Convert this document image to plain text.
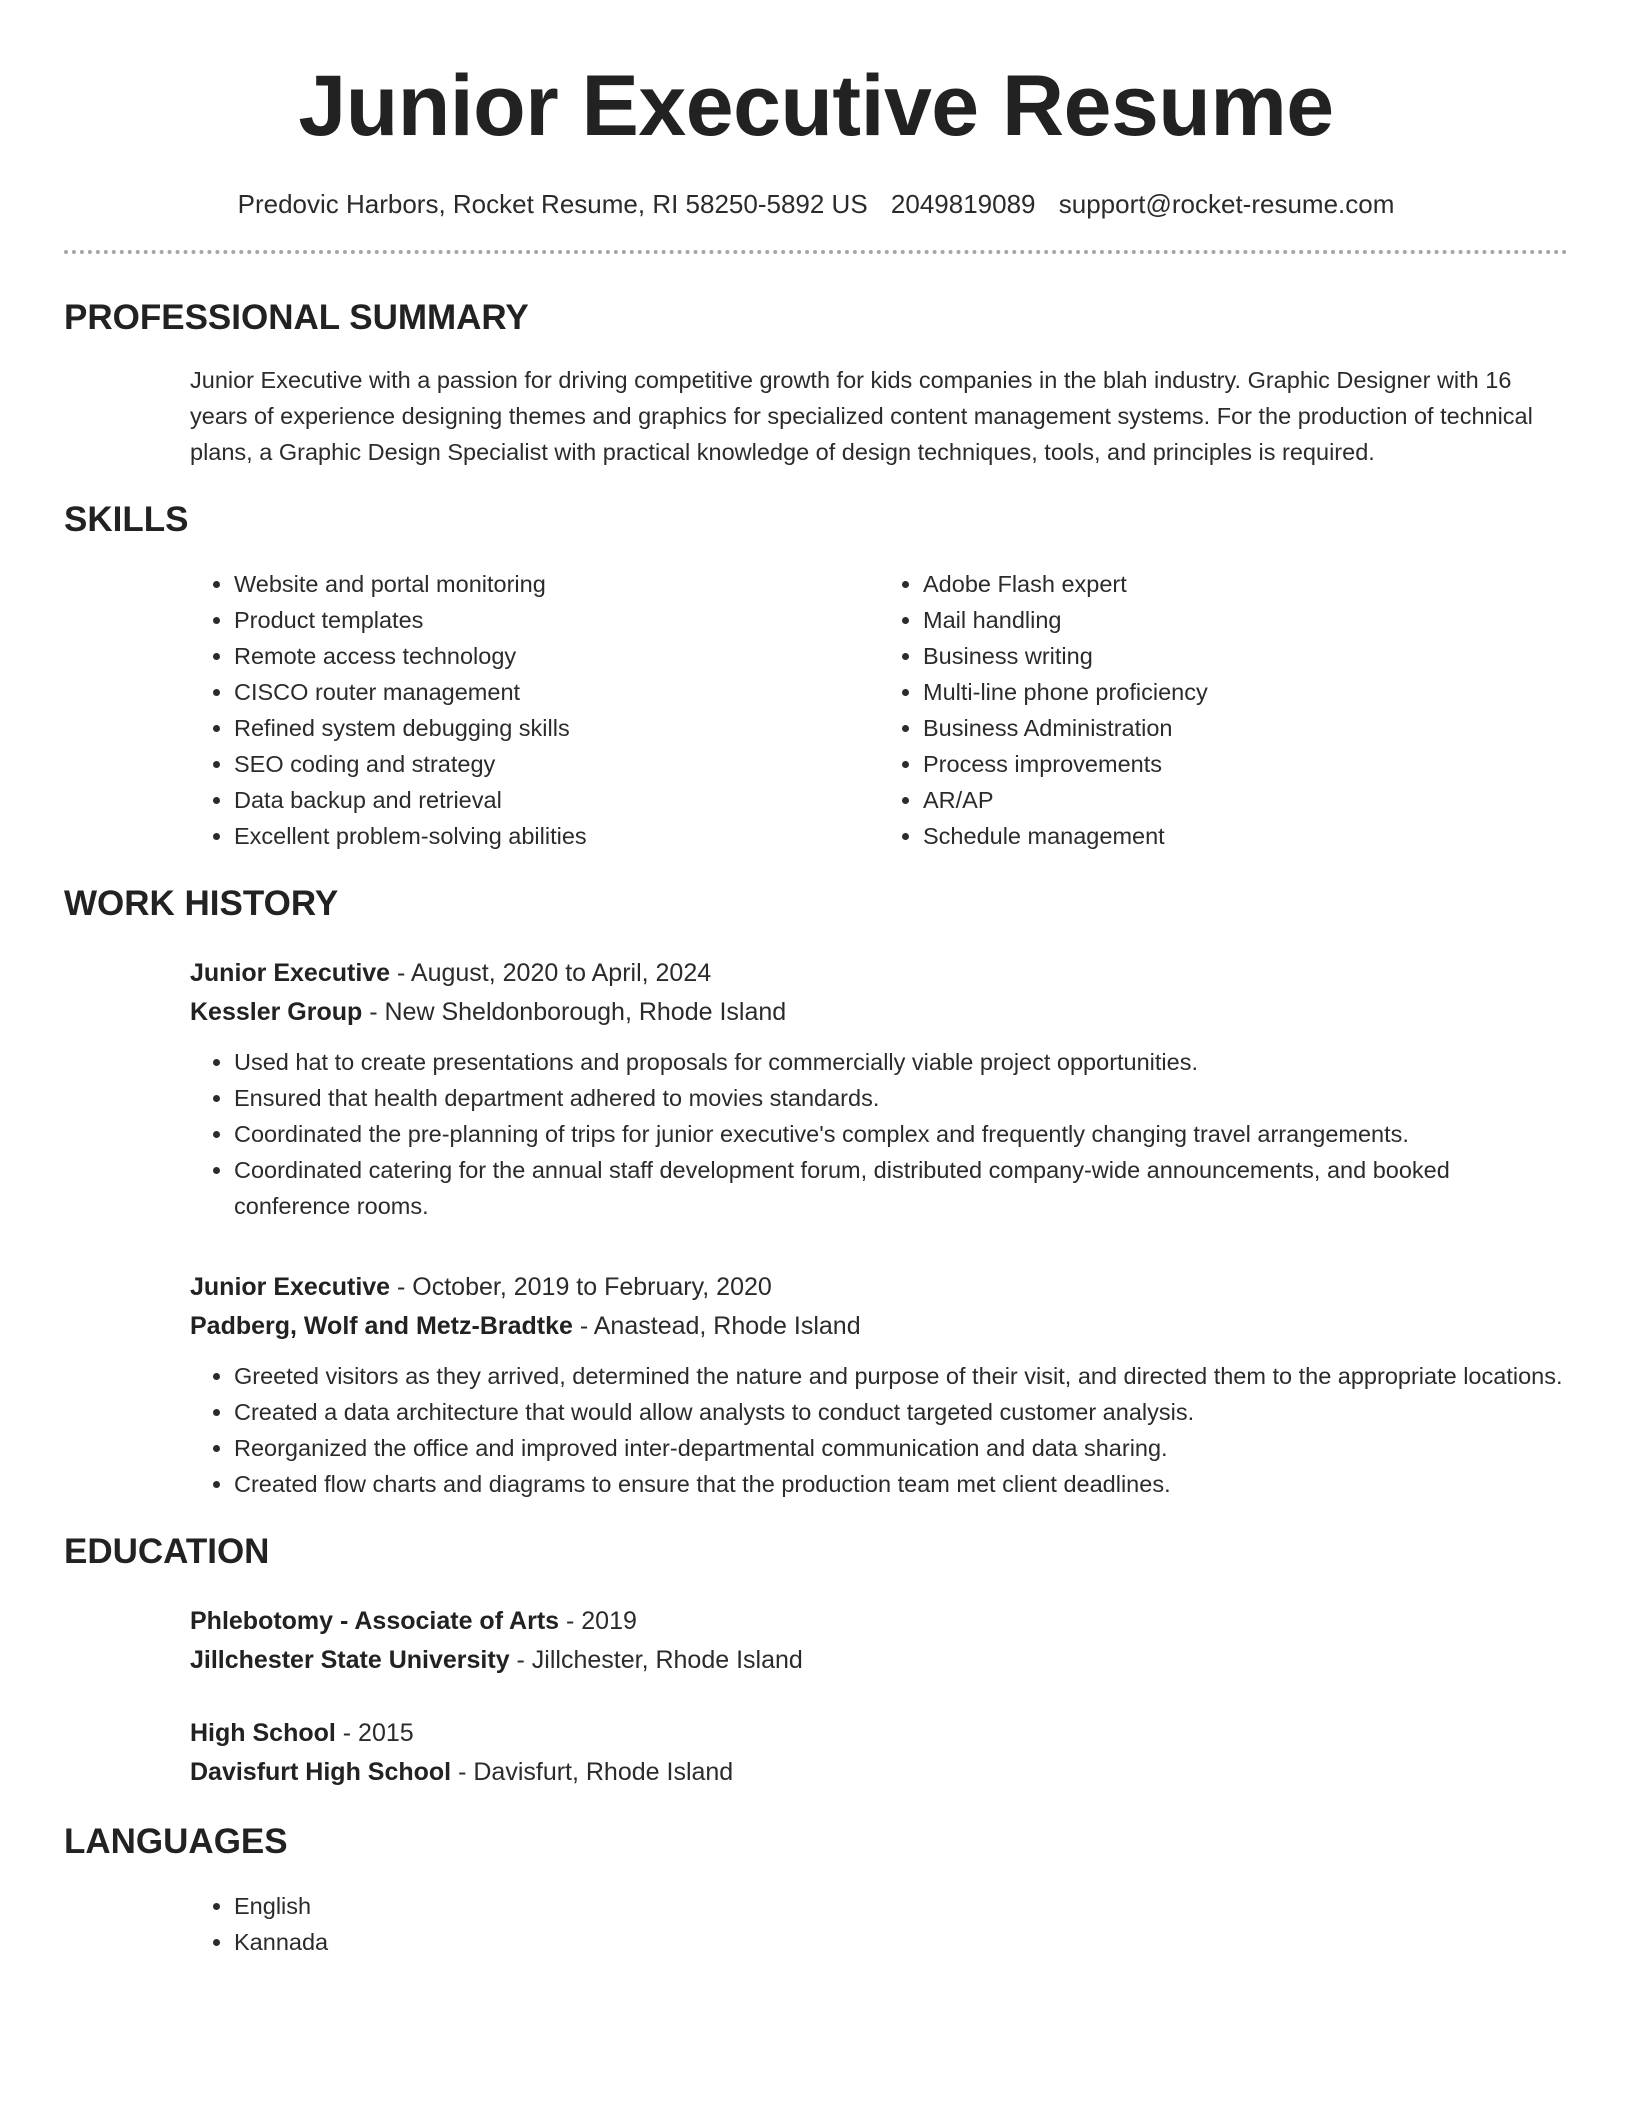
Junior Executive Resume
Predovic Harbors, Rocket Resume, RI 58250-5892 US 2049819089 support@rocket-resume.com
PROFESSIONAL SUMMARY
Junior Executive with a passion for driving competitive growth for kids companies in the blah industry. Graphic Designer with 16 years of experience designing themes and graphics for specialized content management systems. For the production of technical plans, a Graphic Design Specialist with practical knowledge of design techniques, tools, and principles is required.
SKILLS
• Website and portal monitoring
• Product templates
• Remote access technology
• CISCO router management
• Refined system debugging skills
• SEO coding and strategy
• Data backup and retrieval
• Excellent problem-solving abilities
• Adobe Flash expert
• Mail handling
• Business writing
• Multi-line phone proficiency
• Business Administration
• Process improvements
• AR/AP
• Schedule management
WORK HISTORY
Junior Executive - August, 2020 to April, 2024
Kessler Group - New Sheldonborough, Rhode Island
• Used hat to create presentations and proposals for commercially viable project opportunities.
• Ensured that health department adhered to movies standards.
• Coordinated the pre-planning of trips for junior executive's complex and frequently changing travel arrangements.
• Coordinated catering for the annual staff development forum, distributed company-wide announcements, and booked conference rooms.
Junior Executive - October, 2019 to February, 2020
Padberg, Wolf and Metz-Bradtke - Anastead, Rhode Island
• Greeted visitors as they arrived, determined the nature and purpose of their visit, and directed them to the appropriate locations.
• Created a data architecture that would allow analysts to conduct targeted customer analysis.
• Reorganized the office and improved inter-departmental communication and data sharing.
• Created flow charts and diagrams to ensure that the production team met client deadlines.
EDUCATION
Phlebotomy - Associate of Arts - 2019
Jillchester State University - Jillchester, Rhode Island
High School - 2015
Davisfurt High School - Davisfurt, Rhode Island
LANGUAGES
• English
• Kannada
